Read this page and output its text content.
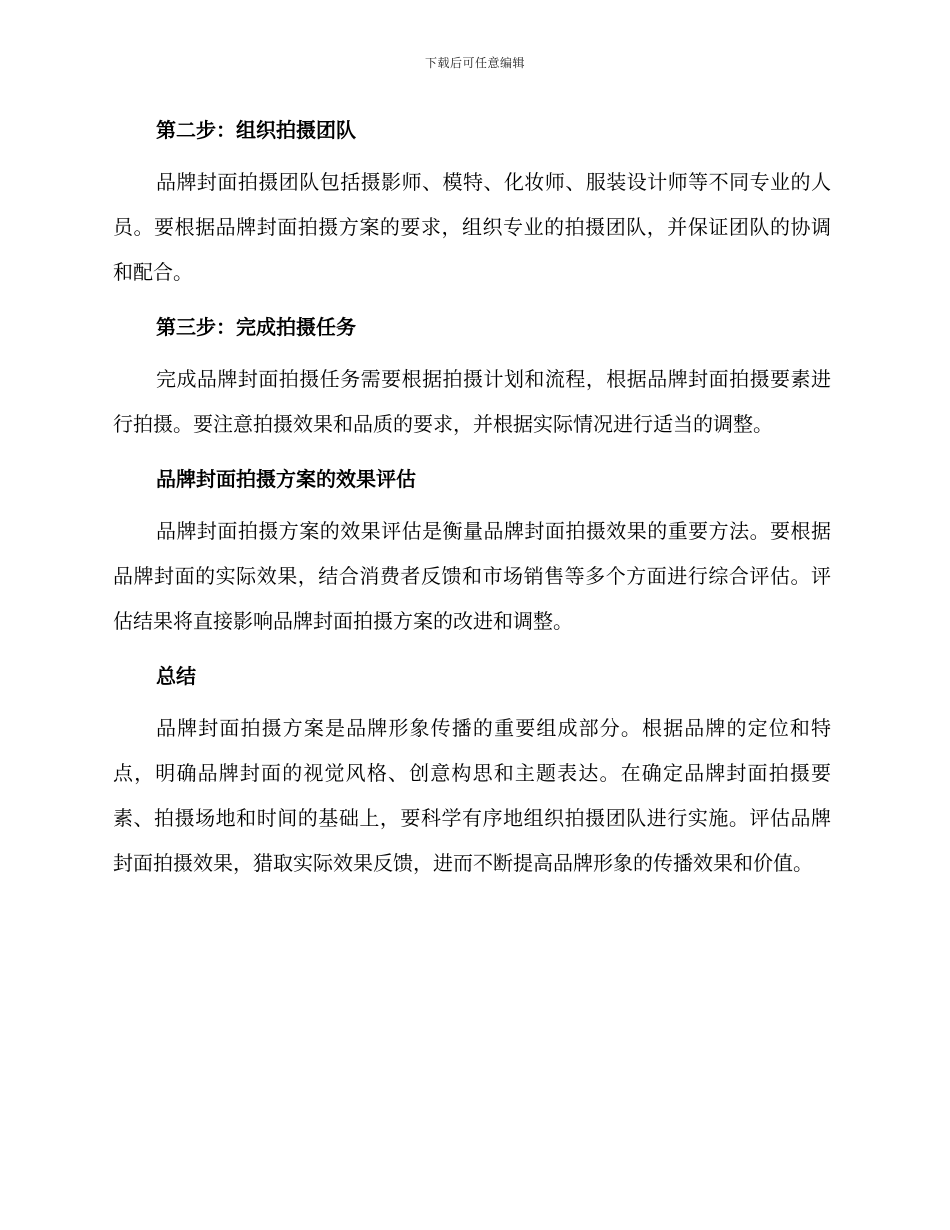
下载后可任意编辑
第二步：组织拍摄团队

品牌封面拍摄团队包括摄影师、模特、化妆师、服装设计师等不同专业的人员。要根据品牌封面拍摄方案的要求，组织专业的拍摄团队，并保证团队的协调和配合。

第三步：完成拍摄任务

完成品牌封面拍摄任务需要根据拍摄计划和流程，根据品牌封面拍摄要素进行拍摄。要注意拍摄效果和品质的要求，并根据实际情况进行适当的调整。

品牌封面拍摄方案的效果评估

品牌封面拍摄方案的效果评估是衡量品牌封面拍摄效果的重要方法。要根据品牌封面的实际效果，结合消费者反馈和市场销售等多个方面进行综合评估。评估结果将直接影响品牌封面拍摄方案的改进和调整。

总结

品牌封面拍摄方案是品牌形象传播的重要组成部分。根据品牌的定位和特点，明确品牌封面的视觉风格、创意构思和主题表达。在确定品牌封面拍摄要素、拍摄场地和时间的基础上，要科学有序地组织拍摄团队进行实施。评估品牌封面拍摄效果，猎取实际效果反馈，进而不断提高品牌形象的传播效果和价值。
